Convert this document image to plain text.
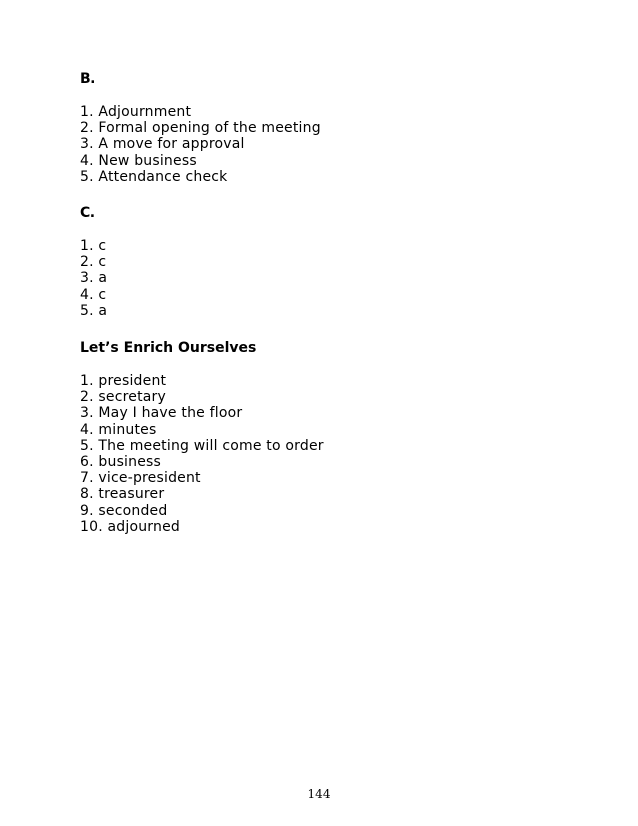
B.
1. Adjournment
2. Formal opening of the meeting
3. A move for approval
4. New business
5. Attendance check
C.
1. c
2. c
3. a
4. c
5. a
Let’s Enrich Ourselves
1. president
2. secretary
3. May I have the floor
4. minutes
5. The meeting will come to order
6. business
7. vice-president
8. treasurer
9. seconded
10. adjourned
144
